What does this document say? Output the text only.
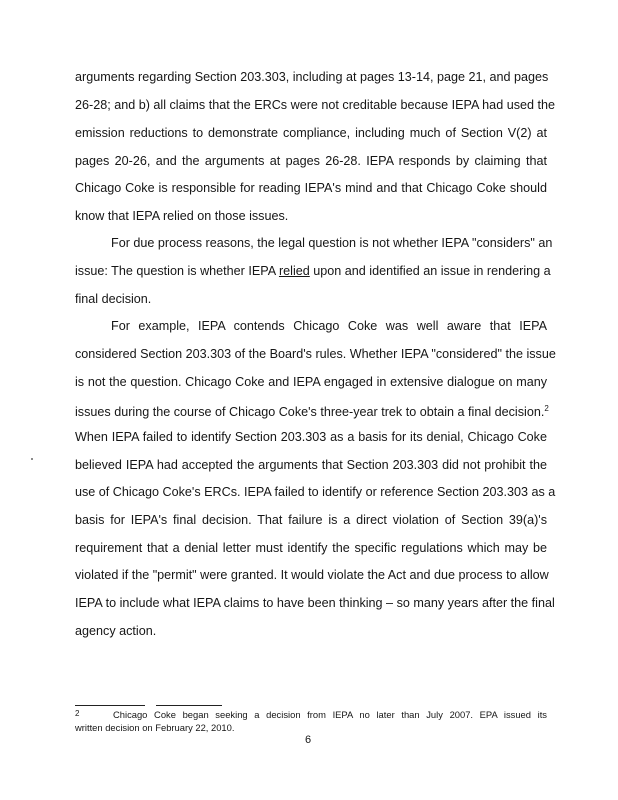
arguments regarding Section 203.303, including at pages 13-14, page 21, and pages
26-28; and b) all claims that the ERCs were not creditable because IEPA had used the
emission reductions to demonstrate compliance, including much of Section V(2) at
pages 20-26, and the arguments at pages 26-28. IEPA responds by claiming that
Chicago Coke is responsible for reading IEPA's mind and that Chicago Coke should
know that IEPA relied on those issues.
For due process reasons, the legal question is not whether IEPA "considers" an
issue: The question is whether IEPA relied upon and identified an issue in rendering a
final decision.
For example, IEPA contends Chicago Coke was well aware that IEPA
considered Section 203.303 of the Board's rules. Whether IEPA "considered" the issue
is not the question. Chicago Coke and IEPA engaged in extensive dialogue on many
issues during the course of Chicago Coke's three-year trek to obtain a final decision.$^2$
When IEPA failed to identify Section 203.303 as a basis for its denial, Chicago Coke
believed IEPA had accepted the arguments that Section 203.303 did not prohibit the
use of Chicago Coke's ERCs. IEPA failed to identify or reference Section 203.303 as a
basis for IEPA's final decision. That failure is a direct violation of Section 39(a)'s
requirement that a denial letter must identify the specific regulations which may be
violated if the "permit" were granted. It would violate the Act and due process to allow
IEPA to include what IEPA claims to have been thinking – so many years after the final
agency action.
2	Chicago Coke began seeking a decision from IEPA no later than July 2007. EPA issued its
written decision on February 22, 2010.
6
